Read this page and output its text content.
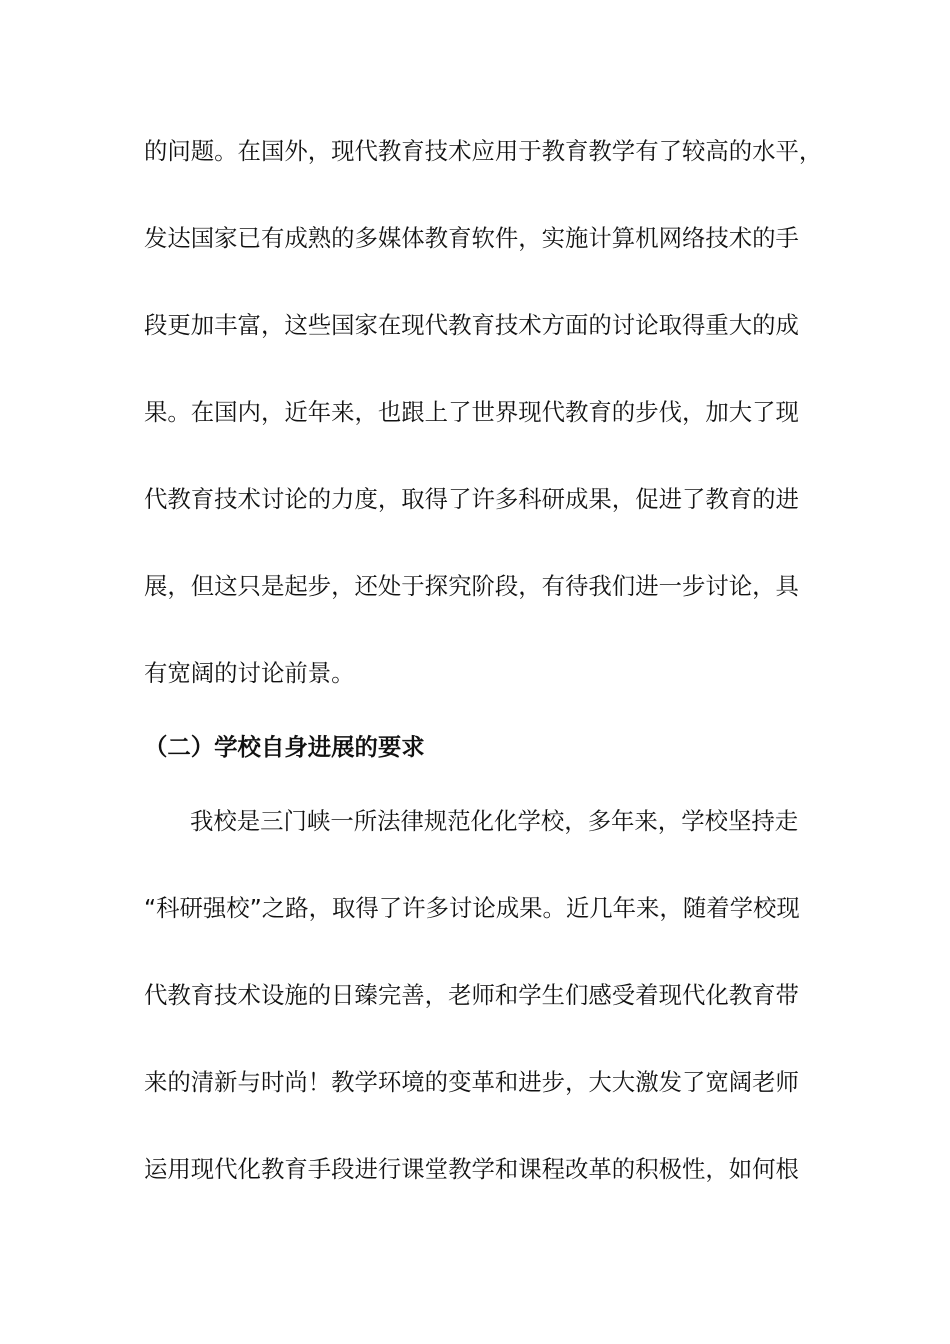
的问题。在国外，现代教育技术应用于教育教学有了较高的水平，
发达国家已有成熟的多媒体教育软件，实施计算机网络技术的手
段更加丰富，这些国家在现代教育技术方面的讨论取得重大的成
果。在国内，近年来，也跟上了世界现代教育的步伐，加大了现
代教育技术讨论的力度，取得了许多科研成果，促进了教育的进
展，但这只是起步，还处于探究阶段，有待我们进一步讨论，具
有宽阔的讨论前景。
（二）学校自身进展的要求
我校是三门峡一所法律规范化化学校，多年来，学校坚持走
“科研强校”之路，取得了许多讨论成果。近几年来，随着学校现
代教育技术设施的日臻完善，老师和学生们感受着现代化教育带
来的清新与时尚！教学环境的变革和进步，大大激发了宽阔老师
运用现代化教育手段进行课堂教学和课程改革的积极性，如何根
